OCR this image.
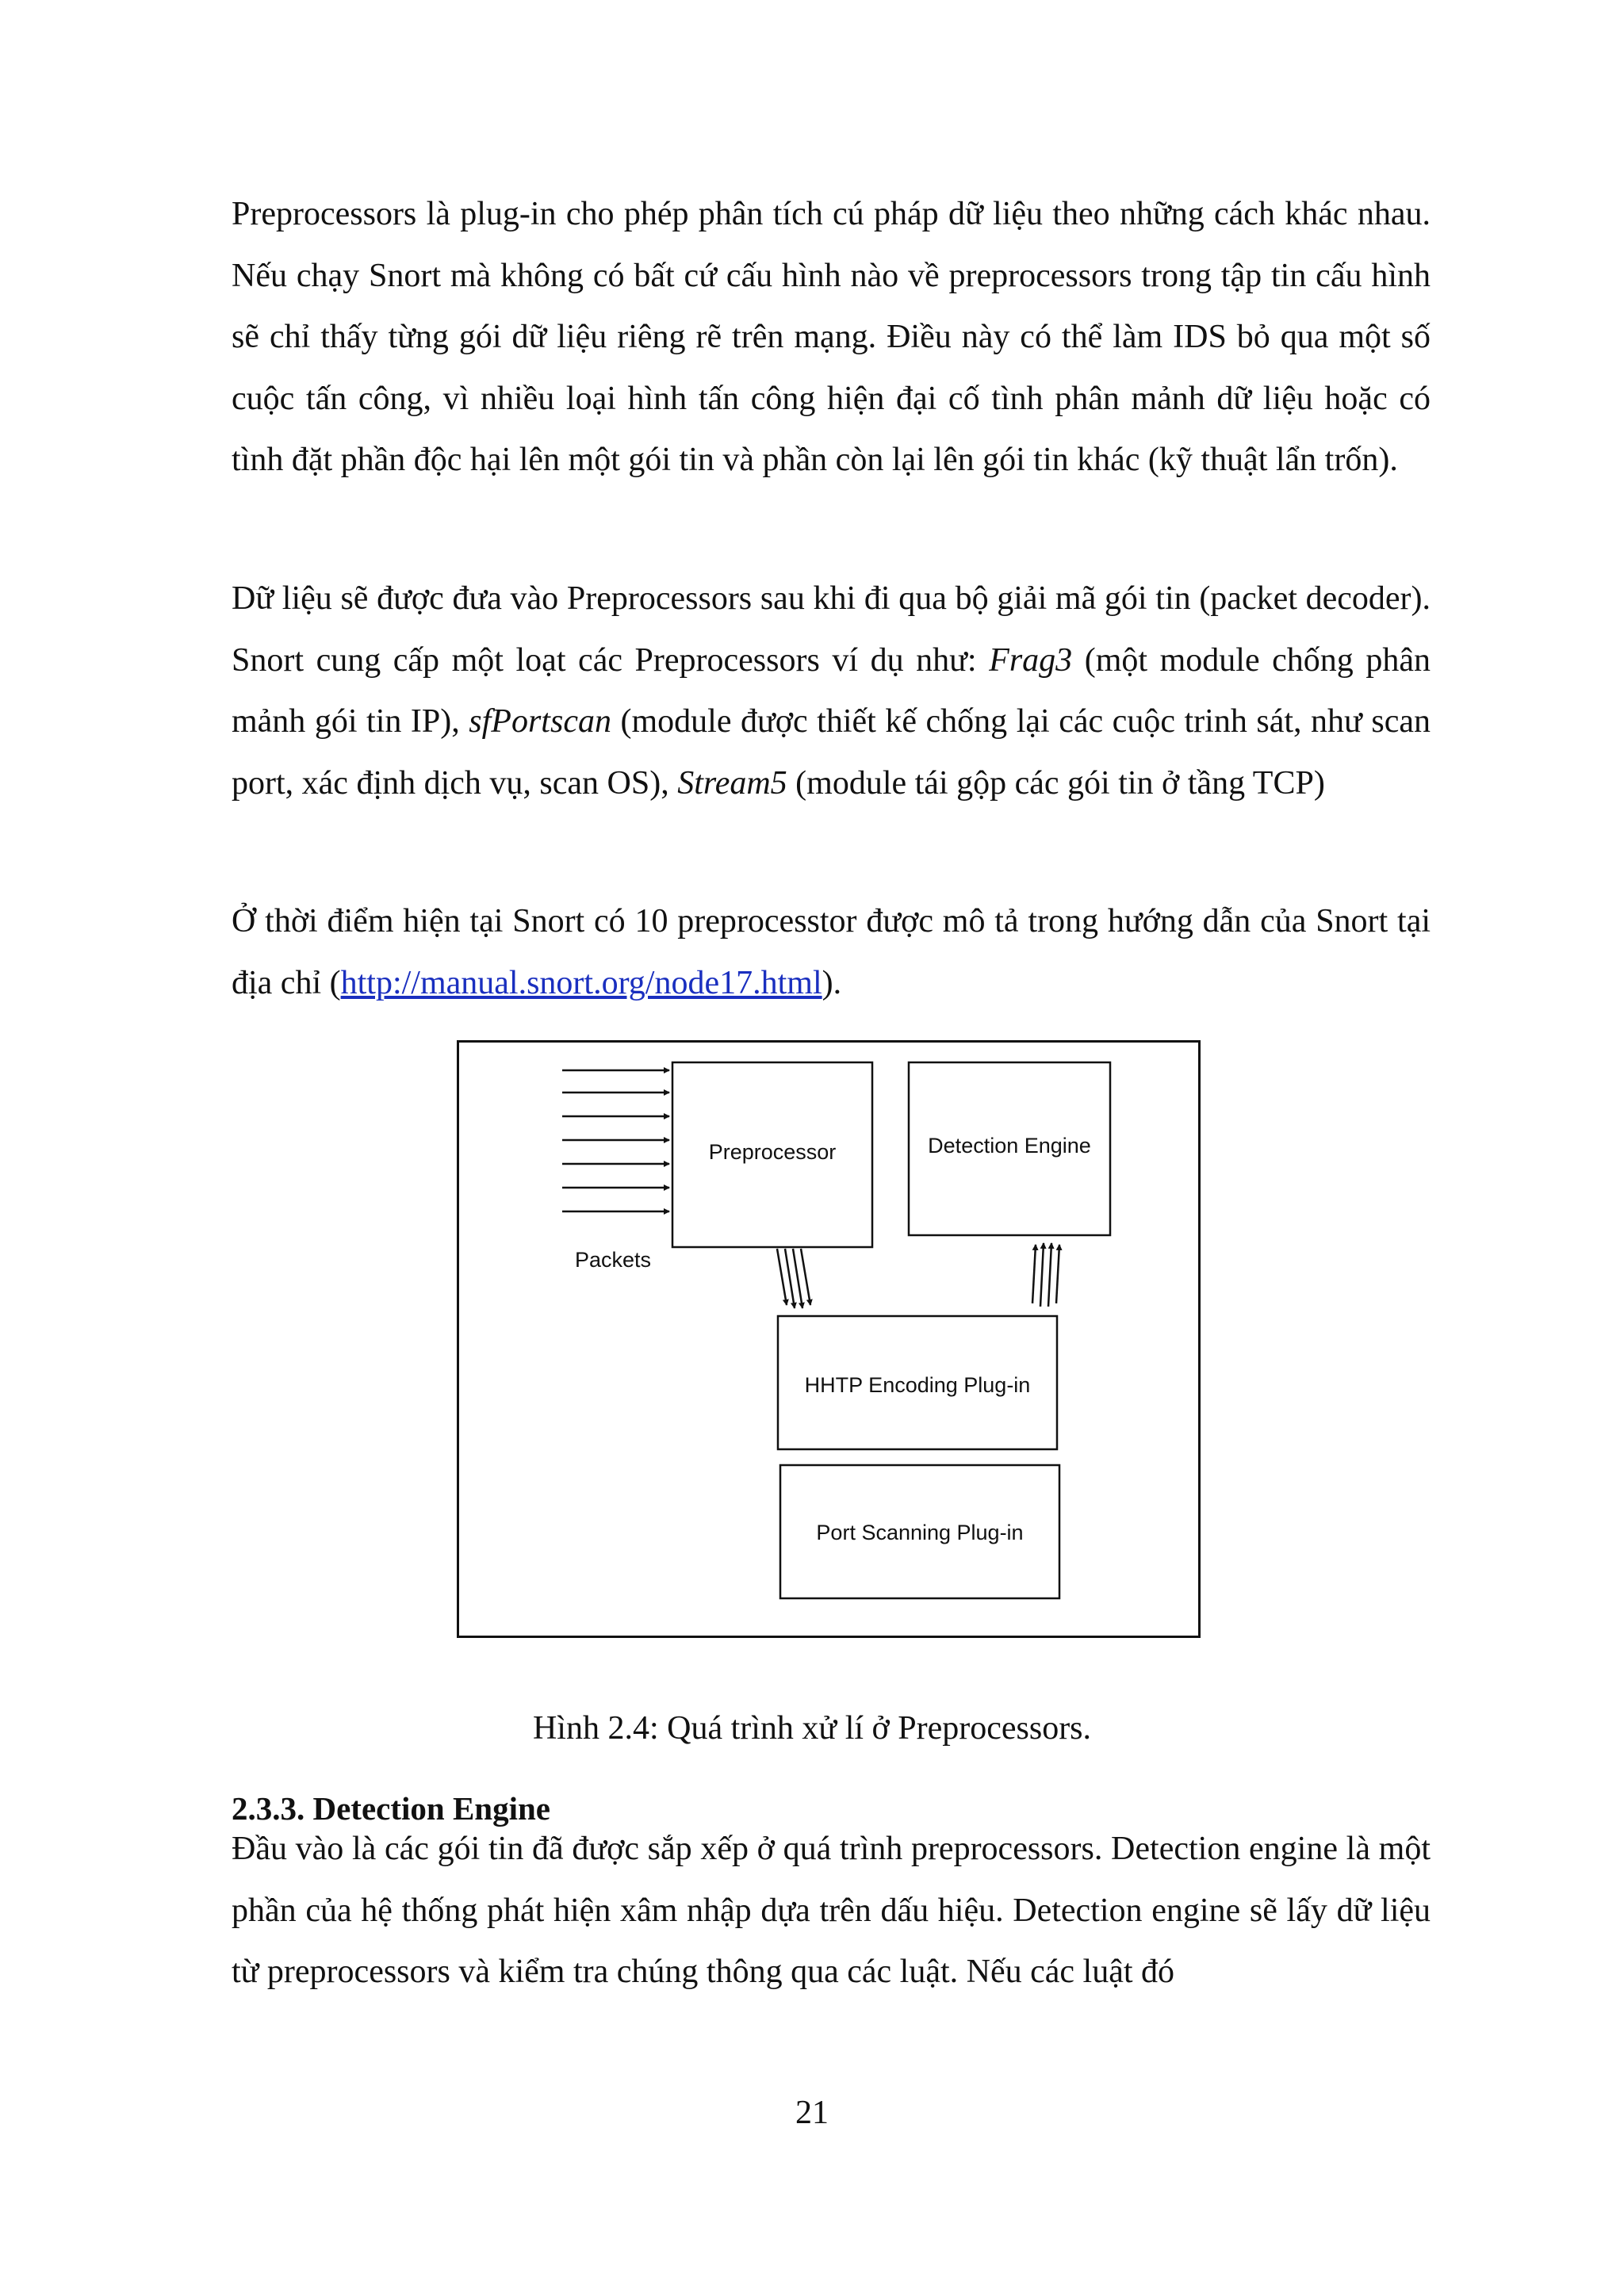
Preprocessors là plug-in cho phép phân tích cú pháp dữ liệu theo những cách khác nhau. Nếu chạy Snort mà không có bất cứ cấu hình nào về preprocessors trong tập tin cấu hình sẽ chỉ thấy từng gói dữ liệu riêng rẽ trên mạng. Điều này có thể làm IDS bỏ qua một số cuộc tấn công, vì nhiều loại hình tấn công hiện đại cố tình phân mảnh dữ liệu hoặc có tình đặt phần độc hại lên một gói tin và phần còn lại lên gói tin khác (kỹ thuật lẩn trốn).

Dữ liệu sẽ được đưa vào Preprocessors sau khi đi qua bộ giải mã gói tin (packet decoder). Snort cung cấp một loạt các Preprocessors ví dụ như: Frag3 (một module chống phân mảnh gói tin IP), sfPortscan (module được thiết kế chống lại các cuộc trinh sát, như scan port, xác định dịch vụ, scan OS), Stream5 (module tái gộp các gói tin ở tầng TCP)

Ở thời điểm hiện tại Snort có 10 preprocesstor được mô tả trong hướng dẫn của Snort tại địa chỉ (http://manual.snort.org/node17.html).

Preprocessor	Detection Engine
Packets
HHTP Encoding Plug-in
Port Scanning Plug-in

Hình 2.4: Quá trình xử lí ở Preprocessors.

2.3.3. Detection Engine

Đầu vào là các gói tin đã được sắp xếp ở quá trình preprocessors. Detection engine là một phần của hệ thống phát hiện xâm nhập dựa trên dấu hiệu. Detection engine sẽ lấy dữ liệu từ preprocessors và kiểm tra chúng thông qua các luật. Nếu các luật đó

21
